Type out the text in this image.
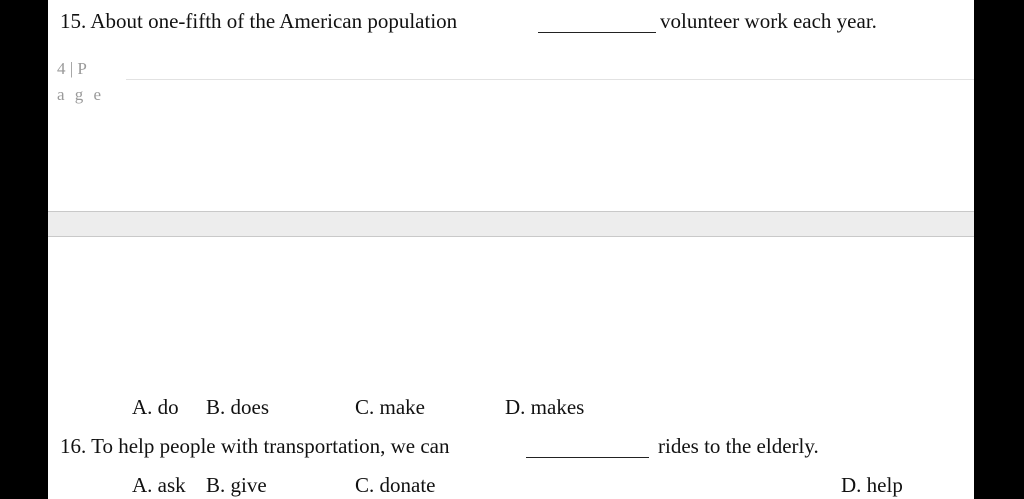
15. About one-fifth of the American population	volunteer work each year.
4 | P
a g e
A. do B. does	C. make	D. makes
16. To help people with transportation, we can	rides to the elderly.
A. ask B. give	C. donate	D. help
